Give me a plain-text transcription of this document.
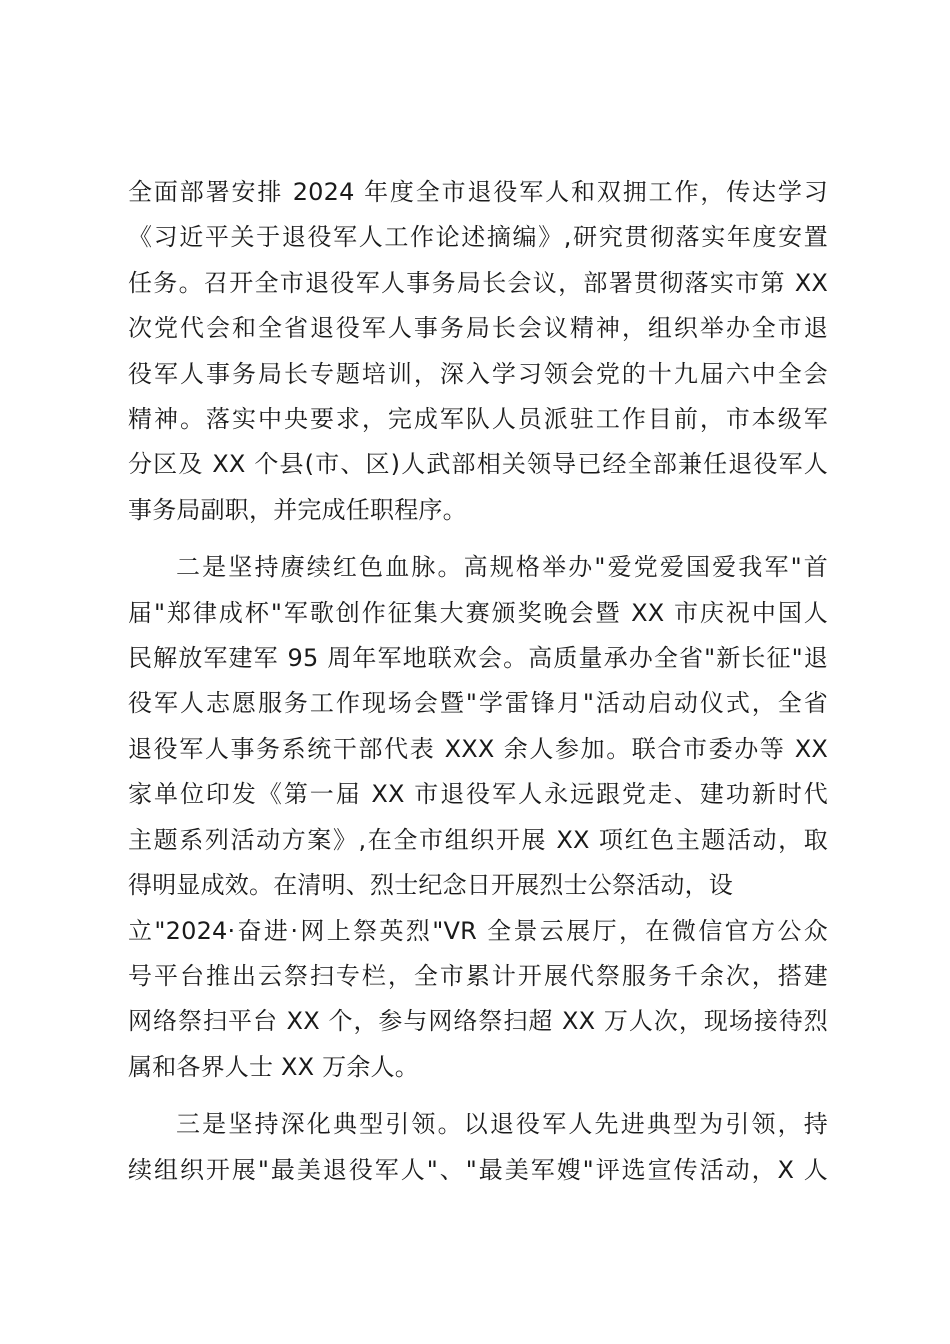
全面部署安排 2024 年度全市退役军人和双拥工作，传达学习
《习近平关于退役军人工作论述摘编》,研究贯彻落实年度安置
任务。召开全市退役军人事务局长会议，部署贯彻落实市第 XX
次党代会和全省退役军人事务局长会议精神，组织举办全市退
役军人事务局长专题培训，深入学习领会党的十九届六中全会
精神。落实中央要求，完成军队人员派驻工作目前，市本级军
分区及 XX 个县(市、区)人武部相关领导已经全部兼任退役军人
事务局副职，并完成任职程序。
二是坚持赓续红色血脉。高规格举办"爱党爱国爱我军"首
届"郑律成杯"军歌创作征集大赛颁奖晚会暨 XX 市庆祝中国人
民解放军建军 95 周年军地联欢会。高质量承办全省"新长征"退
役军人志愿服务工作现场会暨"学雷锋月"活动启动仪式，全省
退役军人事务系统干部代表 XXX 余人参加。联合市委办等 XX
家单位印发《第一届 XX 市退役军人永远跟党走、建功新时代
主题系列活动方案》,在全市组织开展 XX 项红色主题活动，取
得明显成效。在清明、烈士纪念日开展烈士公祭活动，设
立"2024·奋进·网上祭英烈"VR 全景云展厅，在微信官方公众
号平台推出云祭扫专栏，全市累计开展代祭服务千余次，搭建
网络祭扫平台 XX 个，参与网络祭扫超 XX 万人次，现场接待烈
属和各界人士 XX 万余人。
三是坚持深化典型引领。以退役军人先进典型为引领，持
续组织开展"最美退役军人"、"最美军嫂"评选宣传活动，X 人
